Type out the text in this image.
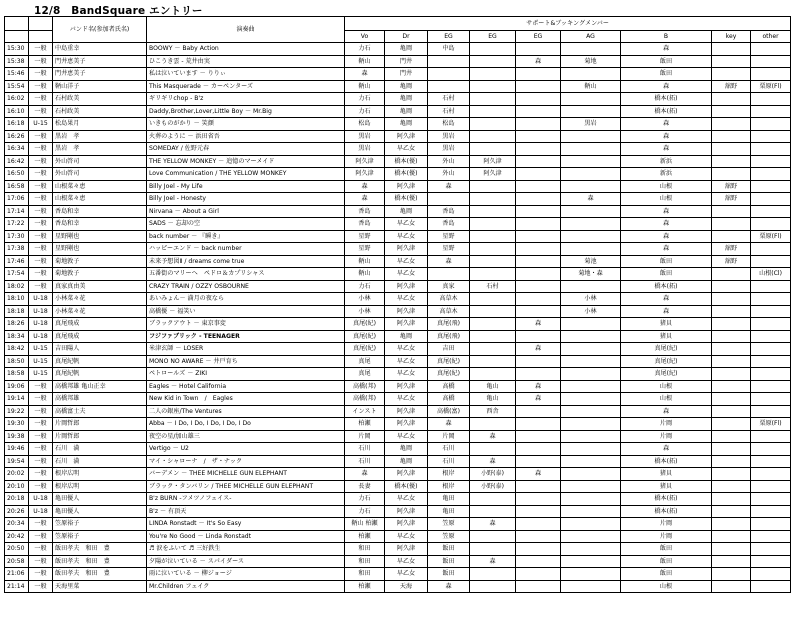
12/8　BandSquare エントリー
		バンド名(参加者氏名)	演奏曲	サポート&ブッキングメンバー								
				Vo	Dr	EG	EG	EG	AG	B	key	other
15:30	一般	中島重幸	BOOWY － Baby Action	力石	亀岡	中島				森		
15:38	一般	門井恵美子	ひこうき雲 - 荒井由実	鞆山	門井			森	菊地	飯田		
15:46	一般	門井恵美子	私は泣いています － りりぃ	森	門井					飯田		
15:54	一般	鞆山洋子	This Masquerade － カーペンターズ	鞆山	亀岡				鞆山	森	舘野	栗原(Fl)
16:02	一般	石村政美	ギリギリchop - B'z	力石	亀岡	石村				橋本(拓)		
16:10	一般	石村政美	Daddy,Brother,Lover,Little Boy － Mr.Big	力石	亀岡	石村				橋本(拓)		
16:18	U-15	松島果月	いきものがかり － 笑顔	松島	亀岡	松島			黒岩	森		
16:26	一般	黒岩　孝	火葬のように － 浜田省吾	黒岩	阿久津	黒岩				森		
16:34	一般	黒岩　孝	SOMEDAY / 佐野元春	黒岩	早乙女	黒岩				森		
16:42	一般	外山啓司	THE YELLOW MONKEY － 追憶のマーメイド	阿久津	橋本(優)	外山	阿久津			新浜		
16:50	一般	外山啓司	Love Communication / THE YELLOW MONKEY	阿久津	橋本(優)	外山	阿久津			新浜		
16:58	一般	山根菜々恵	Billy Joel - My Life	森	阿久津	森				山根	舘野	
17:06	一般	山根菜々恵	Billy Joel - Honesty	森	橋本(優)				森	山根	舘野	
17:14	一般	香島和幸	Nirvana － About a Girl	香島	亀岡	香島				森		
17:22	一般	香島和幸	SADS － 忘却の空	香島	早乙女	香島				森		
17:30	一般	星野剛也	back number － 『瞬き』	星野	早乙女	星野				森		栗原(Fl)
17:38	一般	星野剛也	ハッピーエンド － back number	星野	阿久津	星野				森	舘野	
17:46	一般	菊地敦子	未来予想図Ⅱ / dreams come true	鞆山	早乙女	森			菊池	飯田	舘野	
17:54	一般	菊地敦子	五番街のマリーへ　ペドロ＆カプリシャス	鞆山	早乙女				菊地・森	飯田		山根(Cl)
18:02	一般	真家真由美	CRAZY TRAIN / OZZY OSBOURNE	力石	阿久津	真家	石村			橋本(拓)		
18:10	U-18	小林菜々花	あいみょん－ 満月の夜なら	小林	早乙女	高草木			小林	森		
18:18	U-18	小林菜々花	高橋優 － 福笑い	小林	阿久津	高草木			小林	森		
18:26	U-18	真尾飛成	ブラックアウト － 東京事変	真尾(紀)	阿久津	真尾(飛)		森		猪貝		
18:34	U-18	真尾飛成	フジファブリック - TEENAGER	真尾(紀)	亀岡	真尾(飛)				猪貝		
18:42	U-15	吉田陽人	米津玄師 － LOSER	真尾(紀)	早乙女	吉田		森		真尾(紀)		
18:50	U-15	真尾紀帆	MONO NO AWARE － 井戸育ち	真尾	早乙女	真尾(紀)				真尾(紀)		
18:58	U-15	真尾紀帆	ペトロールズ － ZIKI	真尾	早乙女	真尾(紀)				真尾(紀)		
19:06	一般	高橋邦雄 亀山正幸	Eagles － Hotel California	高橋(邦)	阿久津	高橋	亀山	森		山根		
19:14	一般	高橋邦雄	New Kid in Town　/　Eagles	高橋(邦)	早乙女	高橋	亀山	森		山根		
19:22	一般	高橋富士夫	二人の銀座/The Ventures	インスト	阿久津	高橋(富)	西舎			森		
19:30	一般	片岡哲郎	Abba － I Do, I Do, I Do, I Do, I Do	柏瀬	阿久津	森				片岡		栗原(Fl)
19:38	一般	片岡哲郎	夜空の星/加山雄三	片岡	早乙女	片岡	森			片岡		
19:46	一般	石川　満	Vertigo － U2	石川	亀岡	石川				森		
19:54	一般	石川　満	マイ・シャローナ　/　ザ・ナック	石川	亀岡	石川	森			橋本(拓)		
20:02	一般	根岸広明	バーデメン － THEE MICHELLE GUN ELEPHANT	森	阿久津	根岸	小野(泰)	森		猪貝		
20:10	一般	根岸広明	ブラック・タンバリン / THEE MICHELLE GUN ELEPHANT	長妻	橋本(優)	根岸	小野(泰)			猪貝		
20:18	U-18	亀田優人	B'z BURN -フメツノフェイス-	力石	早乙女	亀田				橋本(拓)		
20:26	U-18	亀田優人	B'z － 有頂天	力石	阿久津	亀田				橋本(拓)		
20:34	一般	笠原裕子	LINDA Ronstadt － It's So Easy	鞆山 柏瀬	阿久津	笠原	森			片岡		
20:42	一般	笠原裕子	You're No Good － Linda Ronstadt	柏瀬	早乙女	笠原				片岡		
20:50	一般	飯田孝夫　和田　豊	♬ 涙をふいて ♬ 三好鉄生	和田	阿久津	飯田				飯田		
20:58	一般	飯田孝夫　和田　豊	夕陽が泣いている － スパイダース	和田	早乙女	飯田	森			飯田		
21:06	一般	飯田孝夫　和田　豊	雨に泣いている － 柳ジョージ	和田	早乙女	飯田				飯田		
21:14	一般	天海里菜	Mr.Children フェイク	柏瀬	天海	森				山根		
